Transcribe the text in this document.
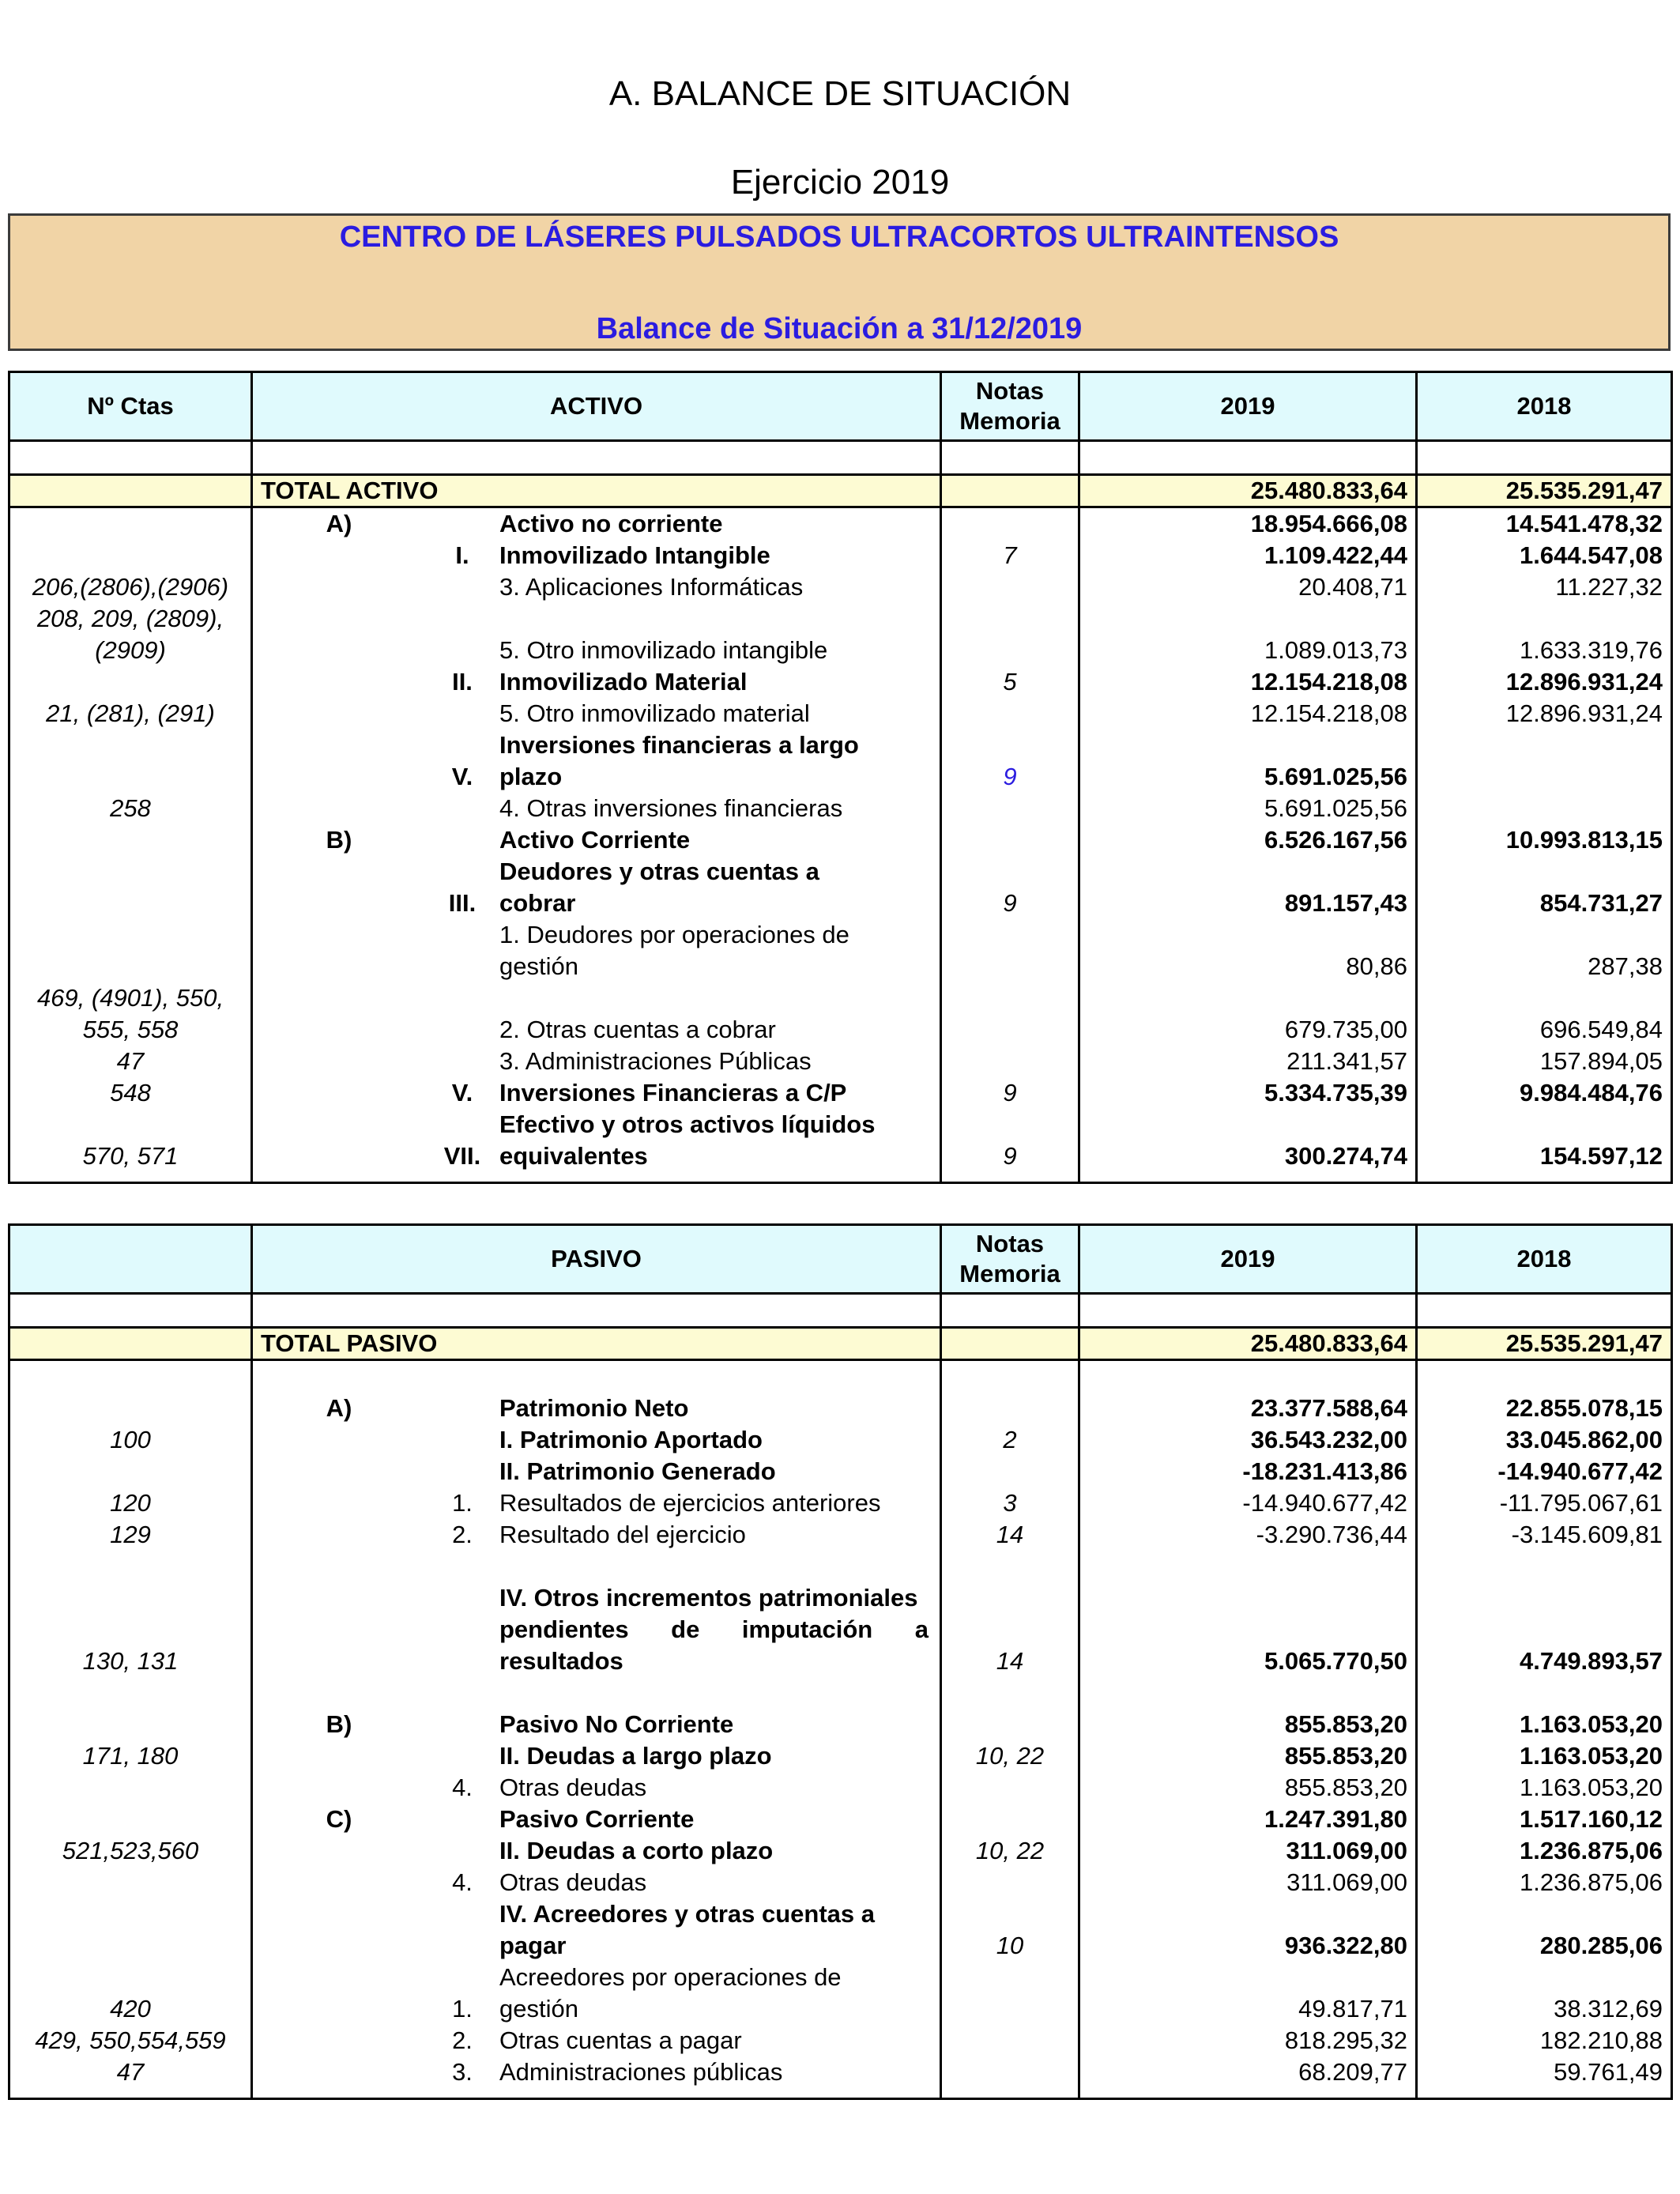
A. BALANCE DE SITUACIÓN
Ejercicio 2019
CENTRO DE LÁSERES PULSADOS ULTRACORTOS ULTRAINTENSOS
Balance de Situación a 31/12/2019
Nº Ctas	ACTIVO	Notas Memoria	2019	2018

	TOTAL ACTIVO		25.480.833,64	25.535.291,47

	A) Activo no corriente		18.954.666,08	14.541.478,32

	I. Inmovilizado Intangible	7	1.109.422,44	1.644.547,08
206,(2806),(2906)	3. Aplicaciones Informáticas		20.408,71	11.227,32
208, 209, (2809),	

(2909)	5. Otro inmovilizado intangible		1.089.013,73	1.633.319,76

	II. Inmovilizado Material	5	12.154.218,08	12.896.931,24
21, (281), (291)	5. Otro inmovilizado material		12.154.218,08	12.896.931,24

	Inversiones financieras a largo			

	V. plazo	9	5.691.025,56	
258	4. Otras inversiones financieras		5.691.025,56	

	B) Activo Corriente		6.526.167,56	10.993.813,15

	Deudores y otras cuentas a			

	III. cobrar	9	891.157,43	854.731,27

	1. Deudores por operaciones de			

	gestión		80,86	287,38
469, (4901), 550,	

555, 558	2. Otras cuentas a cobrar		679.735,00	696.549,84
47	3. Administraciones Públicas		211.341,57	157.894,05
548	V. Inversiones Financieras a C/P	9	5.334.735,39	9.984.484,76

	Efectivo y otros activos líquidos			

570, 571	VII. equivalentes	9	300.274,74	154.597,12

	PASIVO	Notas Memoria	2019	2018

	TOTAL PASIVO		25.480.833,64	25.535.291,47

	A) Patrimonio Neto		23.377.588,64	22.855.078,15
100	I. Patrimonio Aportado	2	36.543.232,00	33.045.862,00

	II. Patrimonio Generado		-18.231.413,86	-14.940.677,42
120	1. Resultados de ejercicios anteriores	3	-14.940.677,42	-11.795.067,61
129	2. Resultado del ejercicio	14	-3.290.736,44	-3.145.609,81

	IV. Otros incrementos patrimoniales			

	pendientes de imputación a			

130, 131	resultados	14	5.065.770,50	4.749.893,57

	B) Pasivo No Corriente		855.853,20	1.163.053,20
171, 180	II. Deudas a largo plazo	10, 22	855.853,20	1.163.053,20

	4. Otras deudas		855.853,20	1.163.053,20

	C) Pasivo Corriente		1.247.391,80	1.517.160,12
521,523,560	II. Deudas a corto plazo	10, 22	311.069,00	1.236.875,06

	4. Otras deudas		311.069,00	1.236.875,06

	IV. Acreedores y otras cuentas a			

	pagar	10	936.322,80	280.285,06

	Acreedores por operaciones de			

420	1. gestión		49.817,71	38.312,69
429, 550,554,559	2. Otras cuentas a pagar		818.295,32	182.210,88
47	3. Administraciones públicas		68.209,77	59.761,49
